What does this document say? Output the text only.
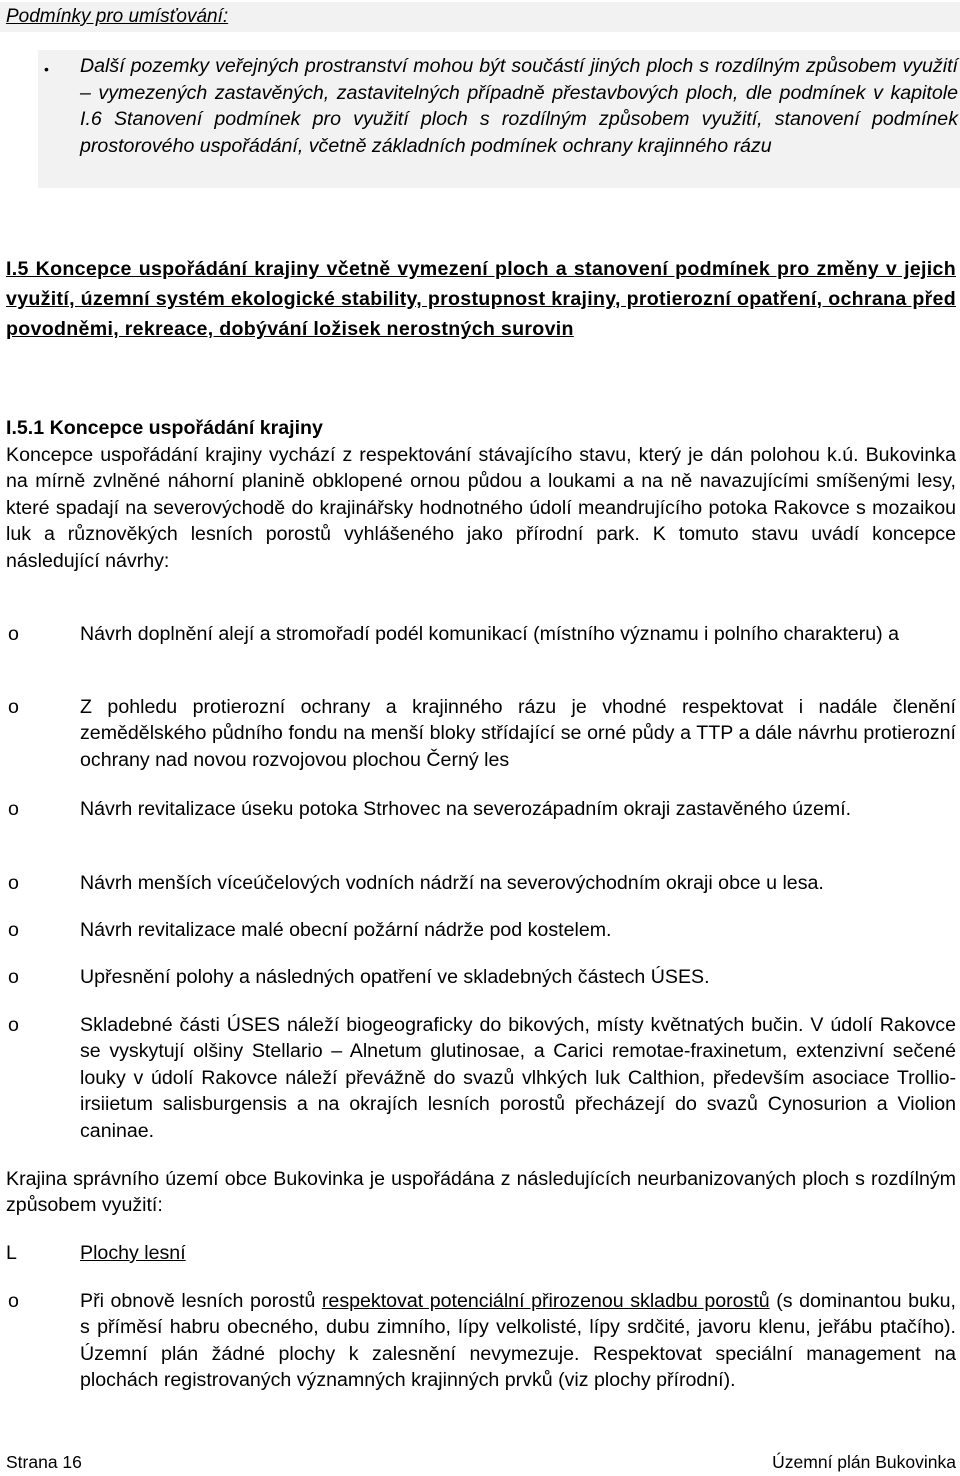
Podmínky pro umísťování:
• Další pozemky veřejných prostranství mohou být součástí jiných ploch s rozdílným způsobem využití – vymezených zastavěných, zastavitelných případně přestavbových ploch, dle podmínek v kapitole I.6 Stanovení podmínek pro využití ploch s rozdílným způsobem využití, stanovení podmínek prostorového uspořádání, včetně základních podmínek ochrany krajinného rázu
I.5 Koncepce uspořádání krajiny včetně vymezení ploch a stanovení podmínek pro změny v jejich využití, územní systém ekologické stability, prostupnost krajiny, protierozní opatření, ochrana před povodněmi, rekreace, dobývání ložisek nerostných surovin
I.5.1 Koncepce uspořádání krajiny
Koncepce uspořádání krajiny vychází z respektování stávajícího stavu, který je dán polohou k.ú. Bukovinka na mírně zvlněné náhorní planině obklopené ornou půdou a loukami a na ně navazujícími smíšenými lesy, které spadají na severovýchodě do krajinářsky hodnotného údolí meandrujícího potoka Rakovce s mozaikou luk a různověkých lesních porostů vyhlášeného jako přírodní park. K tomuto stavu uvádí koncepce následující návrhy:
o	Návrh doplnění alejí a stromořadí podél komunikací (místního významu i polního charakteru) a
o	Z pohledu protierozní ochrany a krajinného rázu je vhodné respektovat i nadále členění zemědělského půdního fondu na menší bloky střídající se orné půdy a TTP a dále návrhu protierozní ochrany nad novou rozvojovou plochou Černý les
o	Návrh revitalizace úseku potoka Strhovec na severozápadním okraji zastavěného území.
o	Návrh menších víceúčelových vodních nádrží na severovýchodním okraji obce u lesa.
o	Návrh revitalizace malé obecní požární nádrže pod kostelem.
o	Upřesnění polohy a následných opatření ve skladebných částech ÚSES.
o	Skladebné části ÚSES náleží biogeograficky do bikových, místy květnatých bučin. V údolí Rakovce se vyskytují olšiny Stellario – Alnetum glutinosae, a Carici remotae-fraxinetum, extenzivní sečené louky v údolí Rakovce náleží převážně do svazů vlhkých luk Calthion, především asociace Trollio-irsiietum salisburgensis a na okrajích lesních porostů přecházejí do svazů Cynosurion a Violion caninae.
Krajina správního území obce Bukovinka je uspořádána z následujících neurbanizovaných ploch s rozdílným způsobem využití:
L	Plochy lesní
o	Při obnově lesních porostů respektovat potenciální přirozenou skladbu porostů (s dominantou buku, s příměsí habru obecného, dubu zimního, lípy velkolisté, lípy srdčité, javoru klenu, jeřábu ptačího). Územní plán žádné plochy k zalesnění nevymezuje. Respektovat speciální management na plochách registrovaných významných krajinných prvků (viz plochy přírodní).
Strana 16	Územní plán Bukovinka
